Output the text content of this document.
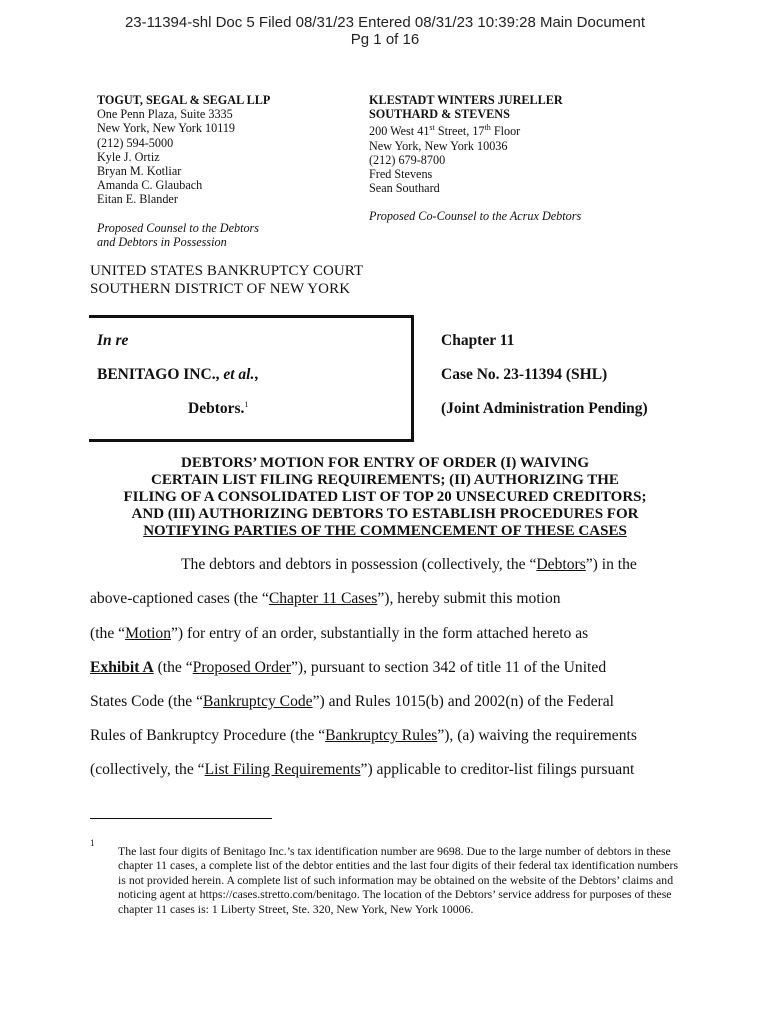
23-11394-shl Doc 5 Filed 08/31/23 Entered 08/31/23 10:39:28 Main Document
Pg 1 of 16
TOGUT, SEGAL & SEGAL LLP
One Penn Plaza, Suite 3335
New York, New York 10119
(212) 594-5000
Kyle J. Ortiz
Bryan M. Kotliar
Amanda C. Glaubach
Eitan E. Blander
Proposed Counsel to the Debtors
and Debtors in Possession
KLESTADT WINTERS JURELLER
SOUTHARD & STEVENS
200 West 41st Street, 17th Floor
New York, New York 10036
(212) 679-8700
Fred Stevens
Sean Southard
Proposed Co-Counsel to the Acrux Debtors
UNITED STATES BANKRUPTCY COURT
SOUTHERN DISTRICT OF NEW YORK
In re
BENITAGO INC., et al.,
Debtors.$^1$
Chapter 11
Case No. 23-11394 (SHL)
(Joint Administration Pending)
DEBTORS’ MOTION FOR ENTRY OF ORDER (I) WAIVING
CERTAIN LIST FILING REQUIREMENTS; (II) AUTHORIZING THE
FILING OF A CONSOLIDATED LIST OF TOP 20 UNSECURED CREDITORS;
AND (III) AUTHORIZING DEBTORS TO ESTABLISH PROCEDURES FOR
NOTIFYING PARTIES OF THE COMMENCEMENT OF THESE CASES
The debtors and debtors in possession (collectively, the “Debtors”) in the
above-captioned cases (the “Chapter 11 Cases”), hereby submit this motion
(the “Motion”) for entry of an order, substantially in the form attached hereto as
Exhibit A (the “Proposed Order”), pursuant to section 342 of title 11 of the United
States Code (the “Bankruptcy Code”) and Rules 1015(b) and 2002(n) of the Federal
Rules of Bankruptcy Procedure (the “Bankruptcy Rules”), (a) waiving the requirements
(collectively, the “List Filing Requirements”) applicable to creditor-list filings pursuant
1
The last four digits of Benitago Inc.’s tax identification number are 9698. Due to the large number of debtors in these chapter 11 cases, a complete list of the debtor entities and the last four digits of their federal tax identification numbers is not provided herein. A complete list of such information may be obtained on the website of the Debtors’ claims and noticing agent at https://cases.stretto.com/benitago. The location of the Debtors’ service address for purposes of these chapter 11 cases is: 1 Liberty Street, Ste. 320, New York, New York 10006.
